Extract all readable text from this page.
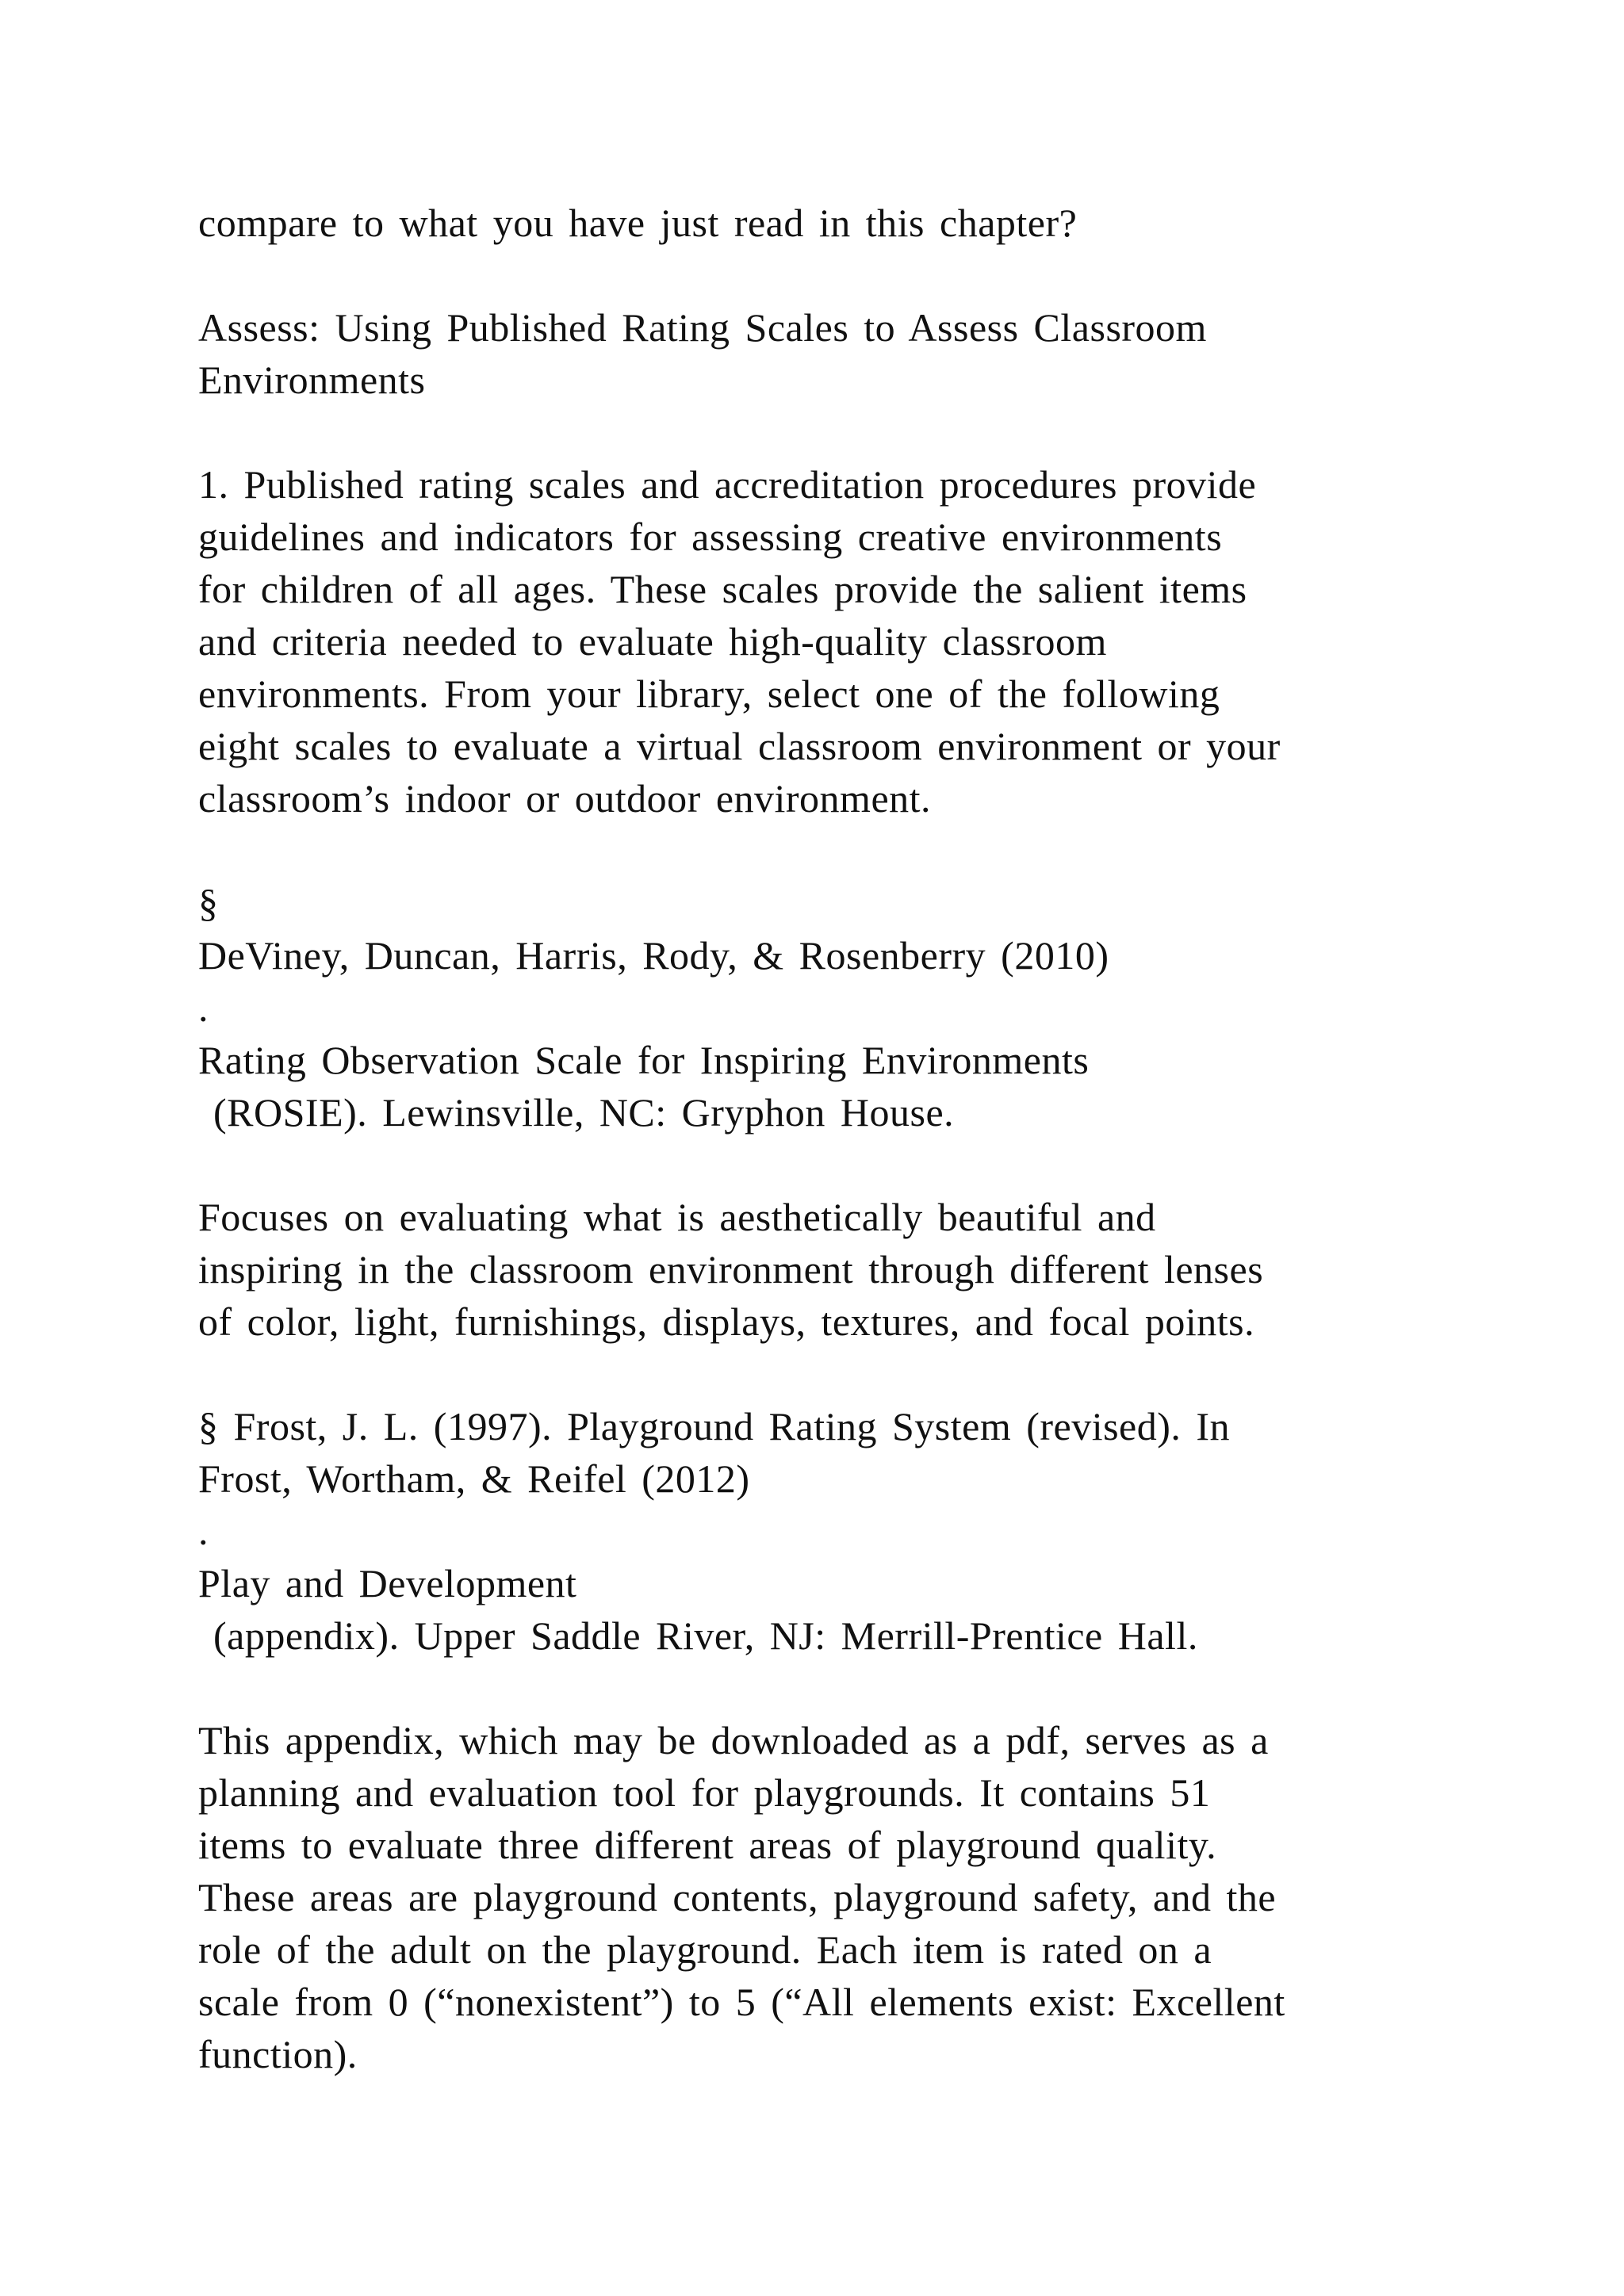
compare to what you have just read in this chapter?

Assess: Using Published Rating Scales to Assess Classroom

Environments

1. Published rating scales and accreditation procedures provide

guidelines and indicators for assessing creative environments

for children of all ages. These scales provide the salient items

and criteria needed to evaluate high-quality classroom

environments. From your library, select one of the following

eight scales to evaluate a virtual classroom environment or your

classroom’s indoor or outdoor environment.

§

DeViney, Duncan, Harris, Rody, & Rosenberry (2010)

.

Rating Observation Scale for Inspiring Environments

(ROSIE). Lewinsville, NC: Gryphon House.

Focuses on evaluating what is aesthetically beautiful and

inspiring in the classroom environment through different lenses

of color, light, furnishings, displays, textures, and focal points.

§ Frost, J. L. (1997). Playground Rating System (revised). In

Frost, Wortham, & Reifel (2012)

.

Play and Development

(appendix). Upper Saddle River, NJ: Merrill-Prentice Hall.

This appendix, which may be downloaded as a pdf, serves as a

planning and evaluation tool for playgrounds. It contains 51

items to evaluate three different areas of playground quality.

These areas are playground contents, playground safety, and the

role of the adult on the playground. Each item is rated on a

scale from 0 (“nonexistent”) to 5 (“All elements exist: Excellent

function).
